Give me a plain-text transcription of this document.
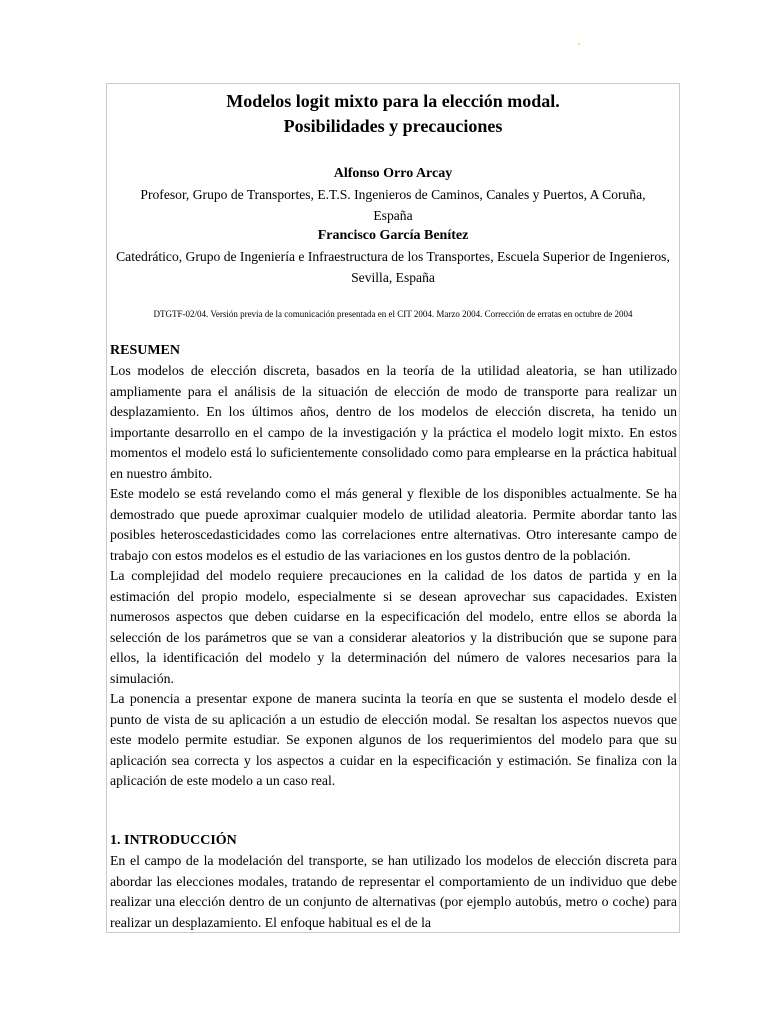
Modelos logit mixto para la elección modal.
Posibilidades y precauciones
Alfonso Orro Arcay
Profesor, Grupo de Transportes, E.T.S. Ingenieros de Caminos, Canales y Puertos, A Coruña, España
Francisco García Benítez
Catedrático, Grupo de Ingeniería e Infraestructura de los Transportes, Escuela Superior de Ingenieros, Sevilla, España
DTGTF-02/04. Versión previa de la comunicación presentada en el CIT 2004. Marzo 2004. Corrección de erratas en octubre de 2004
RESUMEN

Los modelos de elección discreta, basados en la teoría de la utilidad aleatoria, se han utilizado ampliamente para el análisis de la situación de elección de modo de transporte para realizar un desplazamiento. En los últimos años, dentro de los modelos de elección discreta, ha tenido un importante desarrollo en el campo de la investigación y la práctica el modelo logit mixto. En estos momentos el modelo está lo suficientemente consolidado como para emplearse en la práctica habitual en nuestro ámbito.

Este modelo se está revelando como el más general y flexible de los disponibles actualmente. Se ha demostrado que puede aproximar cualquier modelo de utilidad aleatoria. Permite abordar tanto las posibles heteroscedasticidades como las correlaciones entre alternativas. Otro interesante campo de trabajo con estos modelos es el estudio de las variaciones en los gustos dentro de la población.

La complejidad del modelo requiere precauciones en la calidad de los datos de partida y en la estimación del propio modelo, especialmente si se desean aprovechar sus capacidades. Existen numerosos aspectos que deben cuidarse en la especificación del modelo, entre ellos se aborda la selección de los parámetros que se van a considerar aleatorios y la distribución que se supone para ellos, la identificación del modelo y la determinación del número de valores necesarios para la simulación.

La ponencia a presentar expone de manera sucinta la teoría en que se sustenta el modelo desde el punto de vista de su aplicación a un estudio de elección modal. Se resaltan los aspectos nuevos que este modelo permite estudiar. Se exponen algunos de los requerimientos del modelo para que su aplicación sea correcta y los aspectos a cuidar en la especificación y estimación. Se finaliza con la aplicación de este modelo a un caso real.

1. INTRODUCCIÓN

En el campo de la modelación del transporte, se han utilizado los modelos de elección discreta para abordar las elecciones modales, tratando de representar el comportamiento de un individuo que debe realizar una elección dentro de un conjunto de alternativas (por ejemplo autobús, metro o coche) para realizar un desplazamiento. El enfoque habitual es el de la
